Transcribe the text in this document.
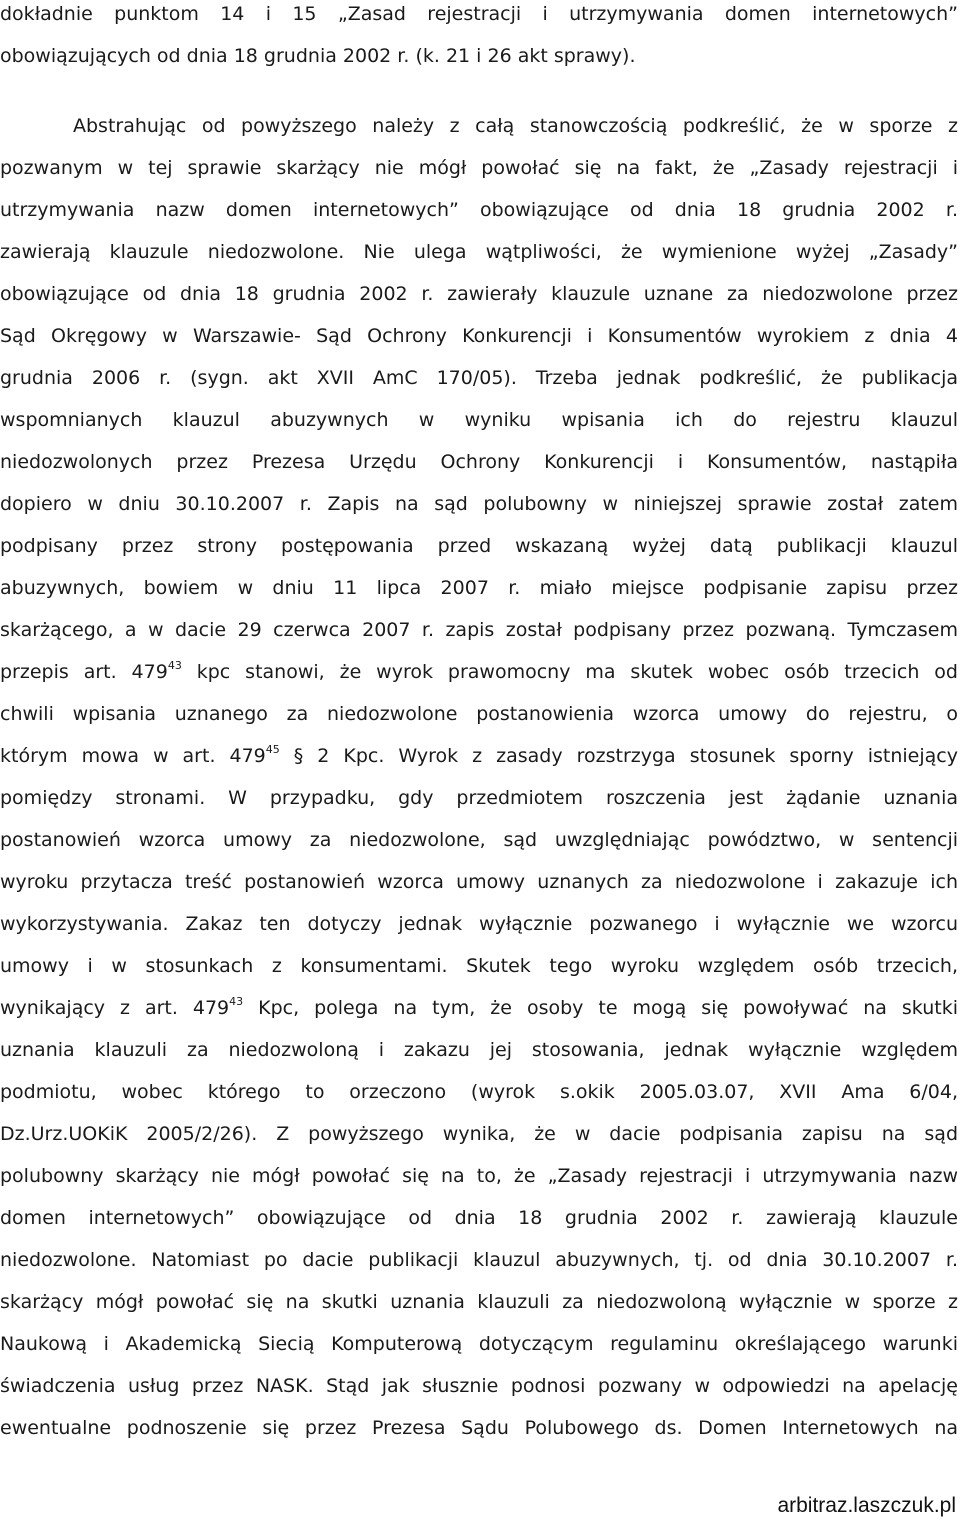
dokładnie punktom 14 i 15 „Zasad rejestracji i utrzymywania domen internetowych”
obowiązujących od dnia 18 grudnia 2002 r. (k. 21 i 26 akt sprawy).
Abstrahując od powyższego należy z całą stanowczością podkreślić, że w sporze z
pozwanym w tej sprawie skarżący nie mógł powołać się na fakt, że „Zasady rejestracji i
utrzymywania nazw domen internetowych” obowiązujące od dnia 18 grudnia 2002 r.
zawierają klauzule niedozwolone. Nie ulega wątpliwości, że wymienione wyżej „Zasady”
obowiązujące od dnia 18 grudnia 2002 r. zawierały klauzule uznane za niedozwolone przez
Sąd Okręgowy w Warszawie- Sąd Ochrony Konkurencji i Konsumentów wyrokiem z dnia 4
grudnia 2006 r. (sygn. akt XVII AmC 170/05). Trzeba jednak podkreślić, że publikacja
wspomnianych klauzul abuzywnych w wyniku wpisania ich do rejestru klauzul
niedozwolonych przez Prezesa Urzędu Ochrony Konkurencji i Konsumentów, nastąpiła
dopiero w dniu 30.10.2007 r. Zapis na sąd polubowny w niniejszej sprawie został zatem
podpisany przez strony postępowania przed wskazaną wyżej datą publikacji klauzul
abuzywnych, bowiem w dniu 11 lipca 2007 r. miało miejsce podpisanie zapisu przez
skarżącego, a w dacie 29 czerwca 2007 r. zapis został podpisany przez pozwaną. Tymczasem
przepis art. $479^{43}$ kpc stanowi, że wyrok prawomocny ma skutek wobec osób trzecich od
chwili wpisania uznanego za niedozwolone postanowienia wzorca umowy do rejestru, o
którym mowa w art. $479^{45}$ § 2 Kpc. Wyrok z zasady rozstrzyga stosunek sporny istniejący
pomiędzy stronami. W przypadku, gdy przedmiotem roszczenia jest żądanie uznania
postanowień wzorca umowy za niedozwolone, sąd uwzględniając powództwo, w sentencji
wyroku przytacza treść postanowień wzorca umowy uznanych za niedozwolone i zakazuje ich
wykorzystywania. Zakaz ten dotyczy jednak wyłącznie pozwanego i wyłącznie we wzorcu
umowy i w stosunkach z konsumentami. Skutek tego wyroku względem osób trzecich,
wynikający z art. $479^{43}$ Kpc, polega na tym, że osoby te mogą się powoływać na skutki
uznania klauzuli za niedozwoloną i zakazu jej stosowania, jednak wyłącznie względem
podmiotu, wobec którego to orzeczono (wyrok s.okik 2005.03.07, XVII Ama 6/04,
Dz.Urz.UOKiK 2005/2/26). Z powyższego wynika, że w dacie podpisania zapisu na sąd
polubowny skarżący nie mógł powołać się na to, że „Zasady rejestracji i utrzymywania nazw
domen internetowych” obowiązujące od dnia 18 grudnia 2002 r. zawierają klauzule
niedozwolone. Natomiast po dacie publikacji klauzul abuzywnych, tj. od dnia 30.10.2007 r.
skarżący mógł powołać się na skutki uznania klauzuli za niedozwoloną wyłącznie w sporze z
Naukową i Akademicką Siecią Komputerową dotyczącym regulaminu określającego warunki
świadczenia usług przez NASK. Stąd jak słusznie podnosi pozwany w odpowiedzi na apelację
ewentualne podnoszenie się przez Prezesa Sądu Polubowego ds. Domen Internetowych na
arbitraz.laszczuk.pl
